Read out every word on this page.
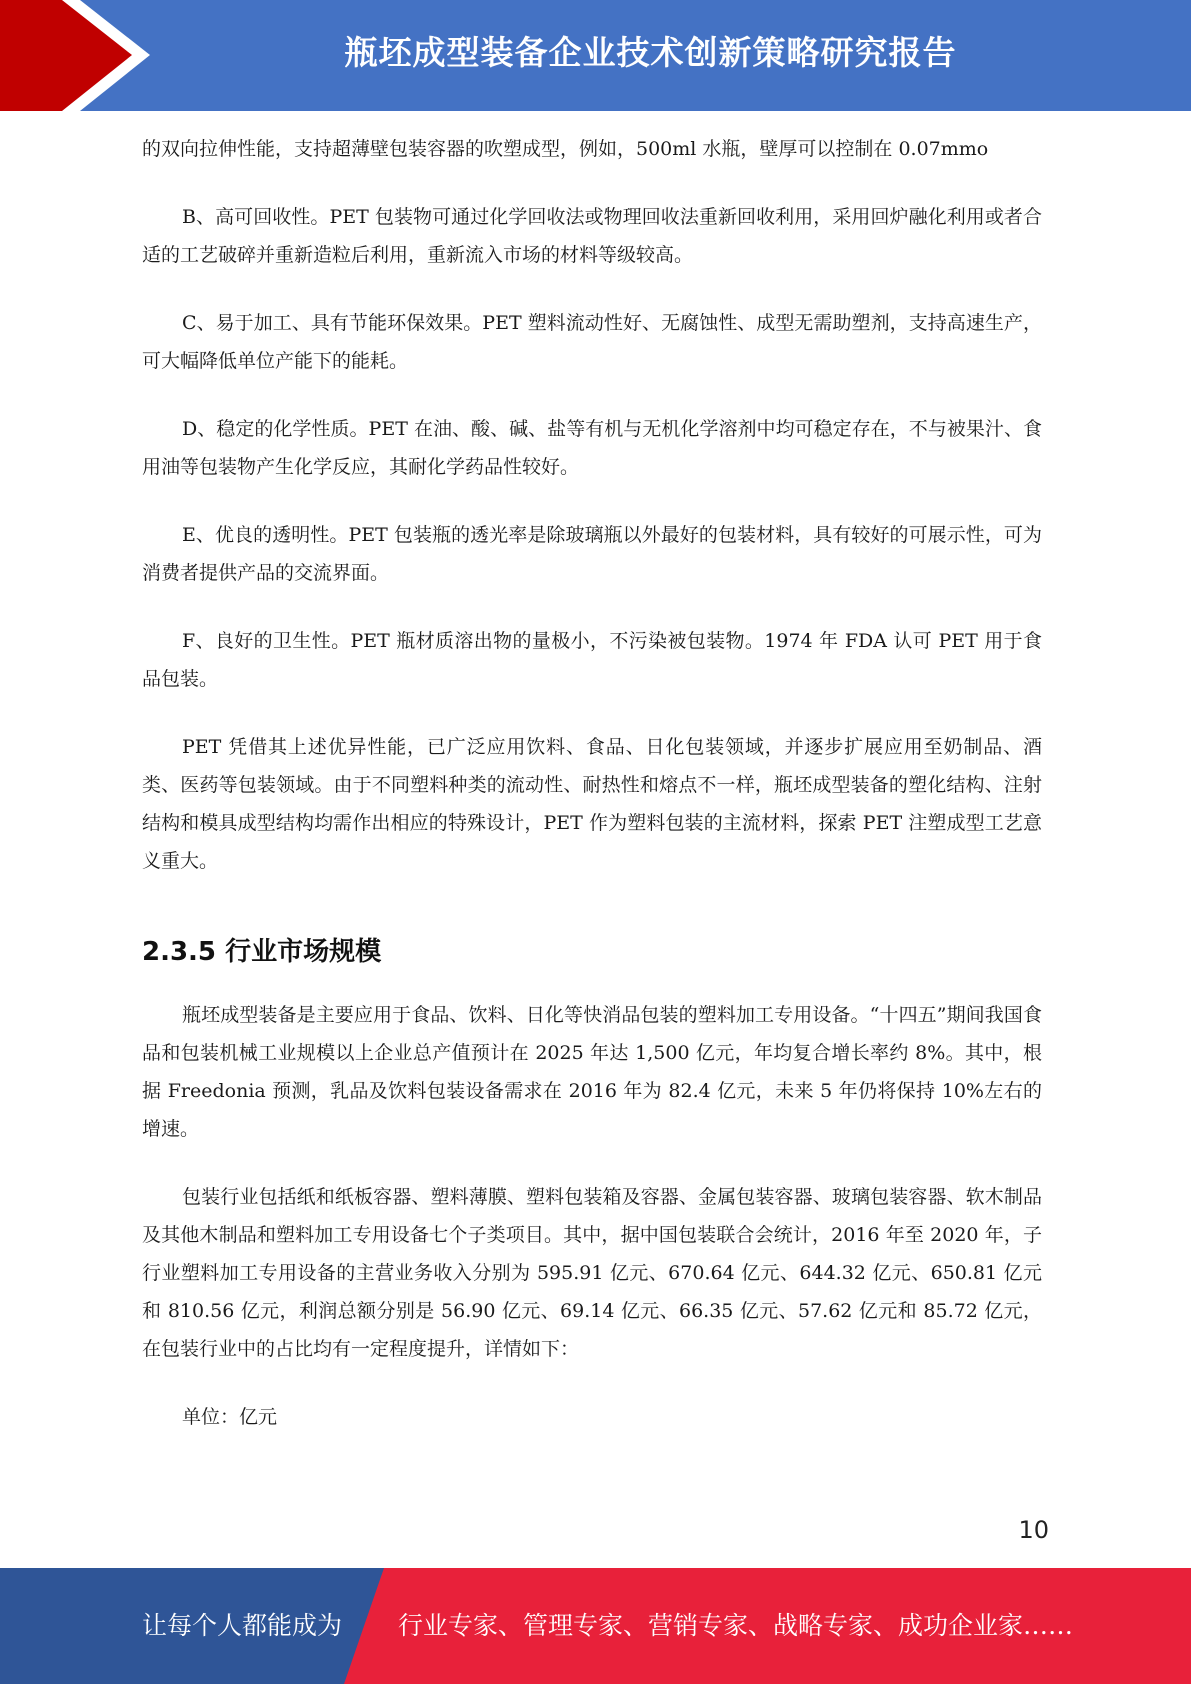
瓶坯成型装备企业技术创新策略研究报告

的双向拉伸性能，支持超薄壁包装容器的吹塑成型，例如，500ml 水瓶，壁厚可以控制在 0.07mmo

B、高可回收性。PET 包装物可通过化学回收法或物理回收法重新回收利用，采用回炉融化利用或者合适的工艺破碎并重新造粒后利用，重新流入市场的材料等级较高。

C、易于加工、具有节能环保效果。PET 塑料流动性好、无腐蚀性、成型无需助塑剂，支持高速生产，可大幅降低单位产能下的能耗。

D、稳定的化学性质。PET 在油、酸、碱、盐等有机与无机化学溶剂中均可稳定存在，不与被果汁、食用油等包装物产生化学反应，其耐化学药品性较好。

E、优良的透明性。PET 包装瓶的透光率是除玻璃瓶以外最好的包装材料，具有较好的可展示性，可为消费者提供产品的交流界面。

F、良好的卫生性。PET 瓶材质溶出物的量极小，不污染被包装物。1974 年 FDA 认可 PET 用于食品包装。

PET 凭借其上述优异性能，已广泛应用饮料、食品、日化包装领域，并逐步扩展应用至奶制品、酒类、医药等包装领域。由于不同塑料种类的流动性、耐热性和熔点不一样，瓶坯成型装备的塑化结构、注射结构和模具成型结构均需作出相应的特殊设计，PET 作为塑料包装的主流材料，探索 PET 注塑成型工艺意义重大。

2.3.5 行业市场规模

瓶坯成型装备是主要应用于食品、饮料、日化等快消品包装的塑料加工专用设备。“十四五”期间我国食品和包装机械工业规模以上企业总产值预计在 2025 年达 1,500 亿元，年均复合增长率约 8%。其中，根据 Freedonia 预测，乳品及饮料包装设备需求在 2016 年为 82.4 亿元，未来 5 年仍将保持 10%左右的增速。

包装行业包括纸和纸板容器、塑料薄膜、塑料包装箱及容器、金属包装容器、玻璃包装容器、软木制品及其他木制品和塑料加工专用设备七个子类项目。其中，据中国包装联合会统计，2016 年至 2020 年，子行业塑料加工专用设备的主营业务收入分别为 595.91 亿元、670.64 亿元、644.32 亿元、650.81 亿元和 810.56 亿元，利润总额分别是 56.90 亿元、69.14 亿元、66.35 亿元、57.62 亿元和 85.72 亿元，在包装行业中的占比均有一定程度提升，详情如下：

单位：亿元

10
让每个人都能成为 行业专家、管理专家、营销专家、战略专家、成功企业家……
